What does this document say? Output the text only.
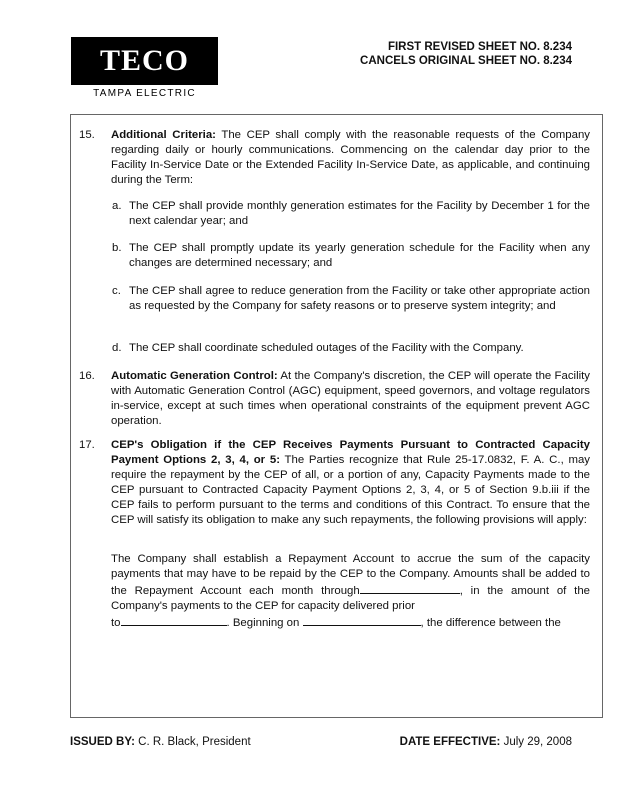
TECO
TAMPA ELECTRIC
FIRST REVISED SHEET NO. 8.234
CANCELS ORIGINAL SHEET NO. 8.234
15. Additional Criteria: The CEP shall comply with the reasonable requests of the Company regarding daily or hourly communications. Commencing on the calendar day prior to the Facility In-Service Date or the Extended Facility In-Service Date, as applicable, and continuing during the Term:
a. The CEP shall provide monthly generation estimates for the Facility by December 1 for the next calendar year; and
b. The CEP shall promptly update its yearly generation schedule for the Facility when any changes are determined necessary; and
c. The CEP shall agree to reduce generation from the Facility or take other appropriate action as requested by the Company for safety reasons or to preserve system integrity; and
d. The CEP shall coordinate scheduled outages of the Facility with the Company.
16. Automatic Generation Control: At the Company's discretion, the CEP will operate the Facility with Automatic Generation Control (AGC) equipment, speed governors, and voltage regulators in-service, except at such times when operational constraints of the equipment prevent AGC operation.
17. CEP's Obligation if the CEP Receives Payments Pursuant to Contracted Capacity Payment Options 2, 3, 4, or 5: The Parties recognize that Rule 25-17.0832, F. A. C., may require the repayment by the CEP of all, or a portion of any, Capacity Payments made to the CEP pursuant to Contracted Capacity Payment Options 2, 3, 4, or 5 of Section 9.b.iii if the CEP fails to perform pursuant to the terms and conditions of this Contract. To ensure that the CEP will satisfy its obligation to make any such repayments, the following provisions will apply:
The Company shall establish a Repayment Account to accrue the sum of the capacity payments that may have to be repaid by the CEP to the Company. Amounts shall be added to the Repayment Account each month through	, in the amount of the Company's payments to the CEP for capacity delivered prior
to	. Beginning on	, the difference between the
ISSUED BY: C. R. Black, President	DATE EFFECTIVE: July 29, 2008
